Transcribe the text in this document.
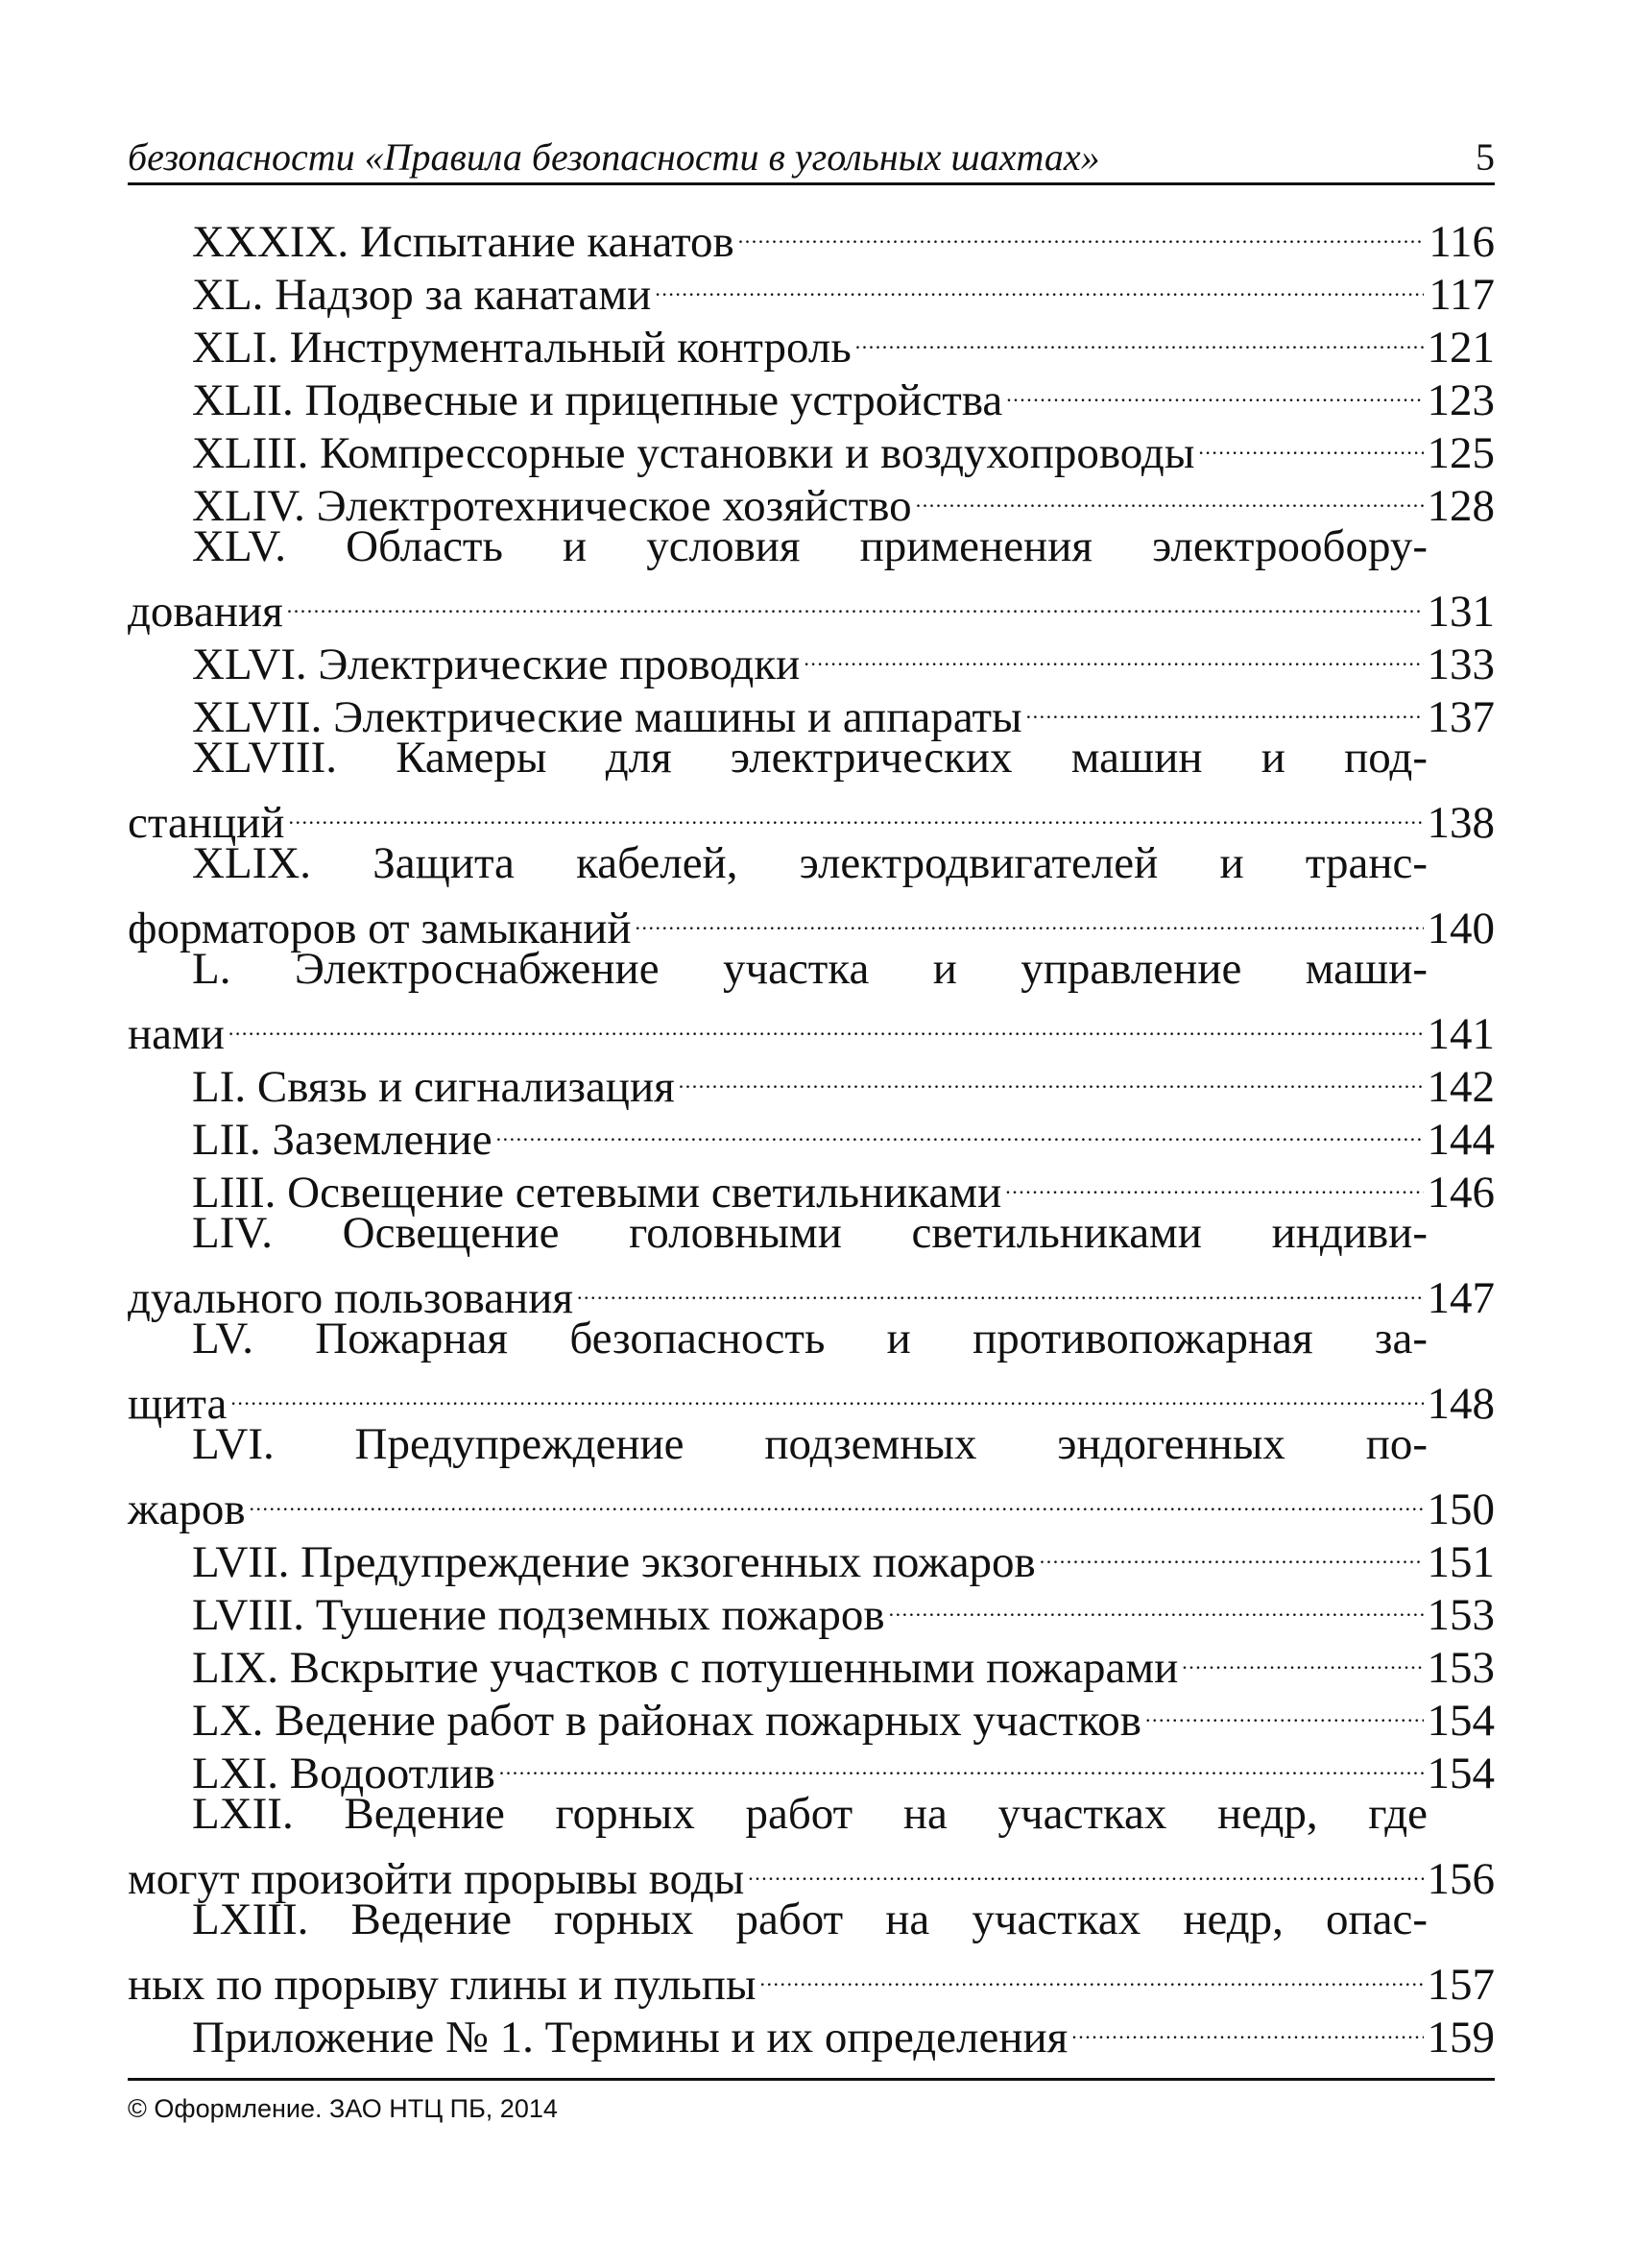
безопасности «Правила безопасности в угольных шахтах»	5
XXXIX. Испытание канатов . . .	116
XL. Надзор за канатами . . .	117
XLI. Инструментальный контроль . . .	121
XLII. Подвесные и прицепные устройства . . .	123
XLIII. Компрессорные установки и воздухопроводы . . .	125
XLIV. Электротехническое хозяйство . . .	128
XLV. Область и условия применения электрообору-
дования . . .	131
XLVI. Электрические проводки . . .	133
XLVII. Электрические машины и аппараты . . .	137
XLVIII. Камеры для электрических машин и под-
станций . . .	138
XLIX. Защита кабелей, электродвигателей и транс-
форматоров от замыканий . . .	140
L. Электроснабжение участка и управление маши-
нами . . .	141
LI. Связь и сигнализация . . .	142
LII. Заземление . . .	144
LIII. Освещение сетевыми светильниками . . .	146
LIV. Освещение головными светильниками индиви-
дуального пользования . . .	147
LV. Пожарная безопасность и противопожарная за-
щита . . .	148
LVI. Предупреждение подземных эндогенных по-
жаров . . .	150
LVII. Предупреждение экзогенных пожаров . . .	151
LVIII. Тушение подземных пожаров . . .	153
LIX. Вскрытие участков с потушенными пожарами . . .	153
LX. Ведение работ в районах пожарных участков . . .	154
LXI. Водоотлив . . .	154
LXII. Ведение горных работ на участках недр, где
могут произойти прорывы воды . . .	156
LXIII. Ведение горных работ на участках недр, опас-
ных по прорыву глины и пульпы . . .	157
Приложение № 1. Термины и их определения . . .	159
© Оформление. ЗАО НТЦ ПБ, 2014
